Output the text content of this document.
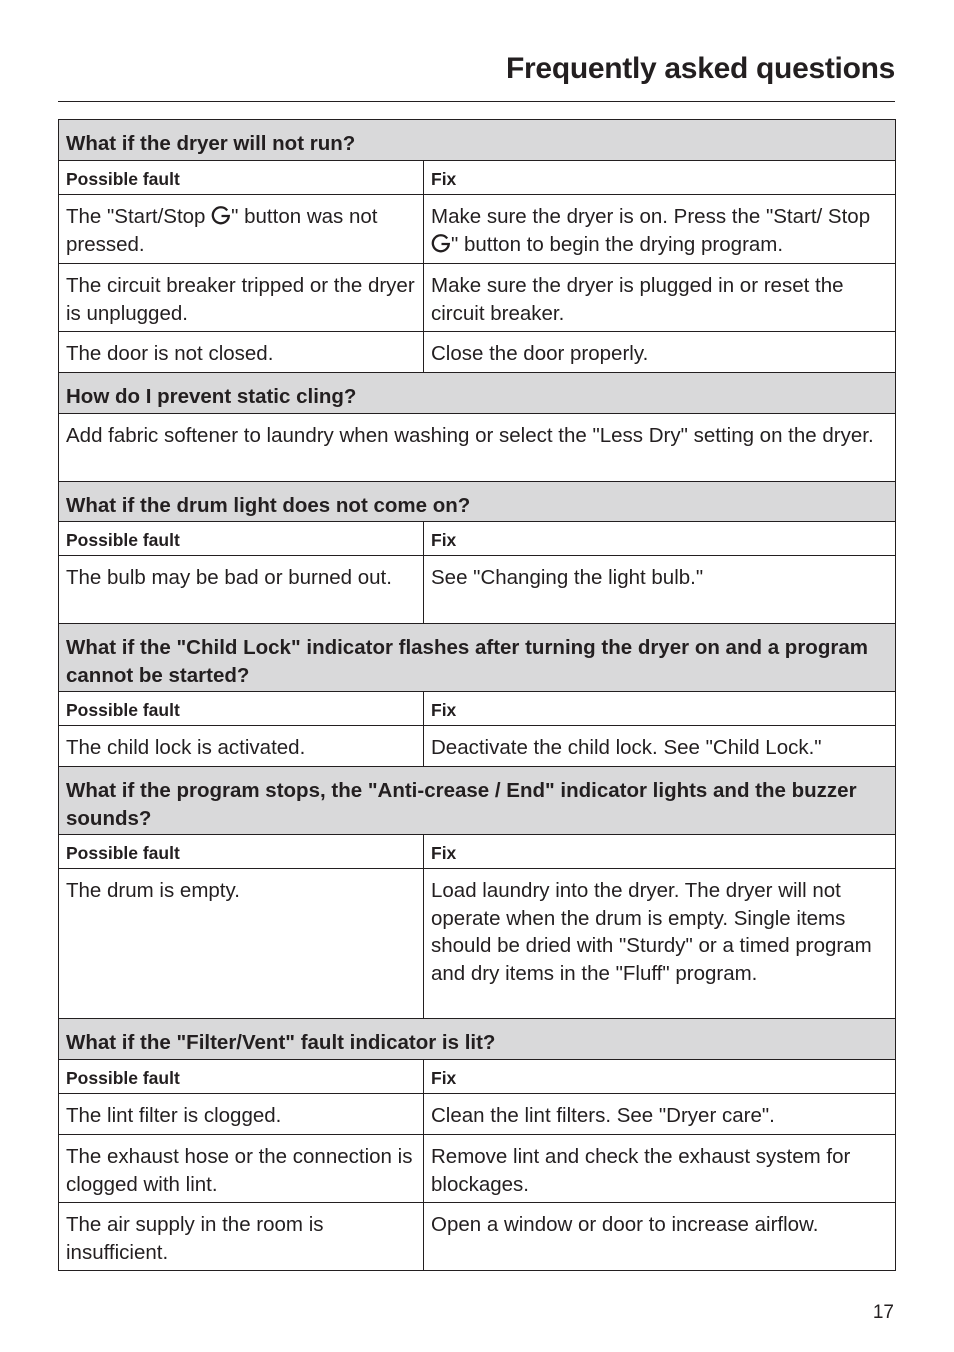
Frequently asked questions
What if the dryer will not run?	
Possible fault	Fix
The "Start/Stop " button was not pressed.	Make sure the dryer is on. Press the "Start/ Stop " button to begin the drying program.
The circuit breaker tripped or the dryer is unplugged.	Make sure the dryer is plugged in or reset the circuit breaker.
The door is not closed.	Close the door properly.
How do I prevent static cling?	
Add fabric softener to laundry when washing or select the "Less Dry" setting on the dryer.	
What if the drum light does not come on?	
Possible fault	Fix
The bulb may be bad or burned out.	See "Changing the light bulb."
What if the "Child Lock" indicator flashes after turning the dryer on and a program cannot be started?	
Possible fault	Fix
The child lock is activated.	Deactivate the child lock. See "Child Lock."
What if the program stops, the "Anti-crease / End" indicator lights and the buzzer sounds?	
Possible fault	Fix
The drum is empty.	Load laundry into the dryer. The dryer will not operate when the drum is empty. Single items should be dried with "Sturdy" or a timed program and dry items in the "Fluff" program.
What if the "Filter/Vent" fault indicator is lit?	
Possible fault	Fix
The lint filter is clogged.	Clean the lint filters. See "Dryer care".
The exhaust hose or the connection is clogged with lint.	Remove lint and check the exhaust system for blockages.
The air supply in the room is insufficient.	Open a window or door to increase airflow.
17
